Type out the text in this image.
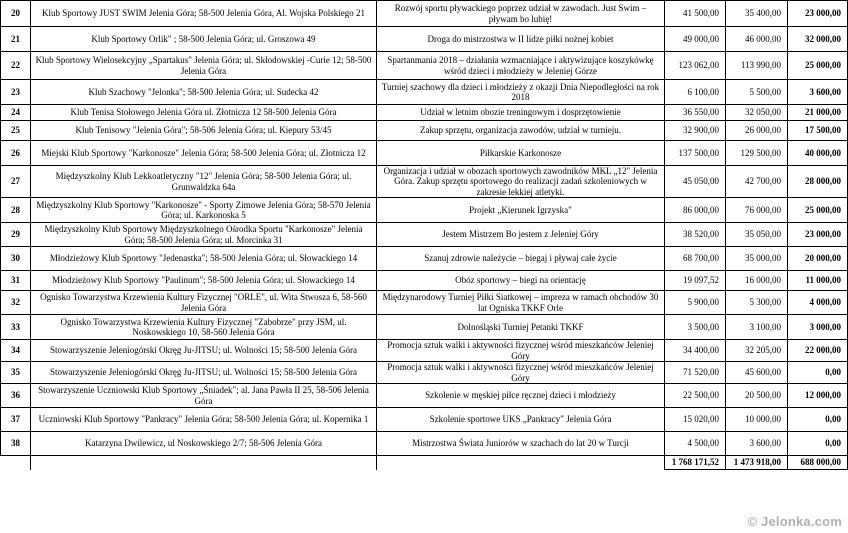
20	Klub Sportowy JUST SWIM Jelenia Góra; 58-500 Jelenia Góra, Al. Wojska Polskiego 21	Rozwój sportu pływackiego poprzez udział w zawodach. Just Swim – pływam bo lubię!	41 500,00	35 400,00	23 000,00
21	Klub Sportowy Orlik" ; 58-500 Jelenia Góra; ul. Groszowa 49	Droga do mistrzostwa w II lidze piłki nożnej kobiet	49 000,00	46 000,00	32 000,00
22	Klub Sportowy Wielosekcyjny „Spartakus" Jelenia Góra; ul. Skłodowskiej -Curie 12; 58-500 Jelenia Góra	Spartanmania 2018 – działania wzmacniające i aktywizujące koszykówkę wśród dzieci i młodzieży w Jeleniej Górze	123 062,00	113 990,00	25 000,00
23	Klub Szachowy "Jelonka"; 58-500 Jelenia Góra; ul. Sudecka 42	Turniej szachowy dla dzieci i młodzieży z okazji Dnia Niepodległości na rok 2018	6 100,00	5 500,00	3 600,00
24	Klub Tenisa Stołowego Jelenia Góra ul. Złotnicza 12 58-500 Jelenia Góra	Udział w letnim obozie treningowym i dosprzętowienie	36 550,00	32 050,00	21 000,00
25	Klub Tenisowy "Jelenia Góra"; 58-506 Jelenia Góra; ul. Kiepury 53/45	Zakup sprzętu, organizacja zawodów, udział w turnieju.	32 900,00	26 000,00	17 500,00
26	Miejski Klub Sportowy "Karkonosze" Jelenia Góra; 58-500 Jelenia Góra; ul. Złotnicza 12	Piłkarskie Karkonosze	137 500,00	129 500,00	40 000,00
27	Międzyszkolny Klub Lekkoatletyczny "12" Jelenia Góra; 58-500 Jelenia Góra; ul. Grunwaldzka 64a	Organizacja i udział w obozach sportowych zawodników MKL „12" Jelenia Góra. Zakup sprzętu sportowego do realizacji zadań szkoleniowych w zakresie lekkiej atletyki.	45 050,00	42 700,00	28 000,00
28	Międzyszkolny Klub Sportowy "Karkonosze" - Sporty Zimowe Jelenia Góra; 58-570 Jelenia Góra; ul. Karkonoska 5	Projekt „Kierunek Igrzyska"	86 000,00	76 000,00	25 000,00
29	Międzyszkolny Klub Sportowy Międzyszkolnego Ośrodka Sportu "Karkonosze" Jelenia Góra; 58-500 Jelenia Góra; ul. Morcinka 31	Jestem Mistrzem Bo jestem z Jeleniej Góry	38 520,00	35 050,00	23 000,00
30	Młodzieżowy Klub Sportowy "Jedenastka"; 58-500 Jelenia Góra; ul. Słowackiego 14	Szanuj zdrowie należycie – biegaj i pływaj całe życie	68 700,00	35 000,00	20 000,00
31	Młodzieżowy Klub Sportowy "Paulinum"; 58-500 Jelenia Góra; ul. Słowackiego 14	Obóz sportowy – biegi na orientację	19 097,52	16 000,00	11 000,00
32	Ognisko Towarzystwa Krzewienia Kultury Fizycznej "ORLE", ul. Wita Stwosza 6, 58-560 Jelenia Góra	Międzynarodowy Turniej Piłki Siatkowej – impreza w ramach obchodów 30 lat Ogniska TKKF Orle	5 900,00	5 300,00	4 000,00
33	Ognisko Towarzystwa Krzewienia Kultury Fizycznej "Zabobrze" przy JSM, ul. Noskowskiego 10, 58-560 Jelenia Góra	Dolnośląski Turniej Petanki TKKF	3 500,00	3 100,00	3 000,00
34	Stowarzyszenie Jeleniogórski Okręg Ju-JITSU; ul. Wolności 15; 58-500 Jelenia Góra	Promocja sztuk walki i aktywności fizycznej wśród mieszkańców Jeleniej Góry	34 400,00	32 205,00	22 000,00
35	Stowarzyszenie Jeleniogórski Okręg Ju-JITSU; ul. Wolności 15; 58-500 Jelenia Góra	Promocja sztuk walki i aktywności fizycznej wśród mieszkańców Jeleniej Góry	71 520,00	45 600,00	0,00
36	Stowarzyszenie Uczniowski Klub Sportowy „Śniadek"; al. Jana Pawła II 25, 58-506 Jelenia Góra	Szkolenie w męskiej piłce ręcznej dzieci i młodzieży	22 500,00	20 500,00	12 000,00
37	Uczniowski Klub Sportowy "Pankracy" Jelenia Góra; 58-500 Jelenia Góra; ul. Kopernika 1	Szkolenie sportowe UKS „Pankracy" Jelenia Góra	15 020,00	10 000,00	0,00
38	Katarzyna Dwilewicz, ul Noskowskiego 2/7; 58-506 Jelenia Góra	Mistrzostwa Świata Juniorów w szachach do lat 20 w Turcji	4 500,00	3 600,00	0,00
			1 768 171,52	1 473 918,00	688 000,00
© Jelonka.com
